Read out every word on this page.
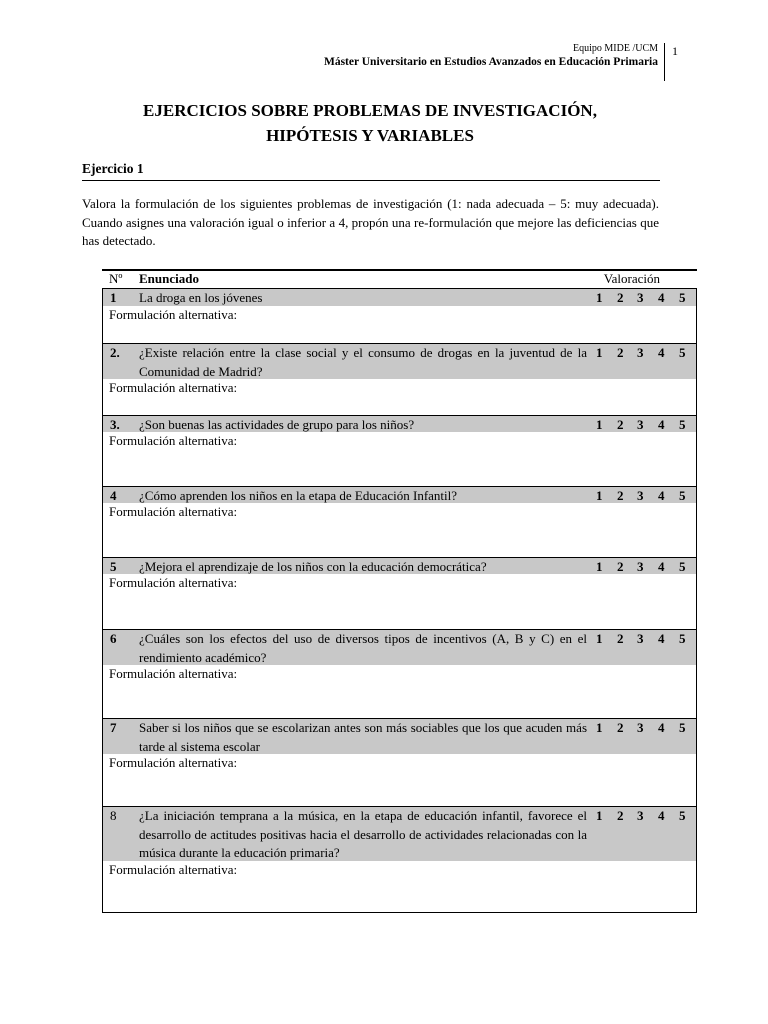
Equipo MIDE /UCM
Máster Universitario en Estudios Avanzados en Educación Primaria
1
EJERCICIOS SOBRE PROBLEMAS DE INVESTIGACIÓN,
HIPÓTESIS Y VARIABLES
Ejercicio 1
Valora la formulación de los siguientes problemas de investigación (1: nada adecuada – 5: muy adecuada). Cuando asignes una valoración igual o inferior a 4, propón una re-formulación que mejore las deficiencias que has detectado.
Nº Enunciado	Valoración
1 La droga en los jóvenes	1 2 3 4 5
Formulación alternativa:
2. ¿Existe relación entre la clase social y el consumo de drogas en la juventud de la Comunidad de Madrid?
1 2 3 4 5
Formulación alternativa:
3. ¿Son buenas las actividades de grupo para los niños?	1 2 3 4 5
Formulación alternativa:
4 ¿Cómo aprenden los niños en la etapa de Educación Infantil?	1 2 3 4 5
Formulación alternativa:
5 ¿Mejora el aprendizaje de los niños con la educación democrática?	1 2 3 4 5
Formulación alternativa:
6 ¿Cuáles son los efectos del uso de diversos tipos de incentivos (A, B y C) en el rendimiento académico?
1 2 3 4 5
Formulación alternativa:
7 Saber si los niños que se escolarizan antes son más sociables que los que acuden más tarde al sistema escolar
1 2 3 4 5
Formulación alternativa:
8 ¿La iniciación temprana a la música, en la etapa de educación infantil, favorece el desarrollo de actitudes positivas hacia el desarrollo de actividades relacionadas con la música durante la educación primaria?
1 2 3 4 5
Formulación alternativa:
